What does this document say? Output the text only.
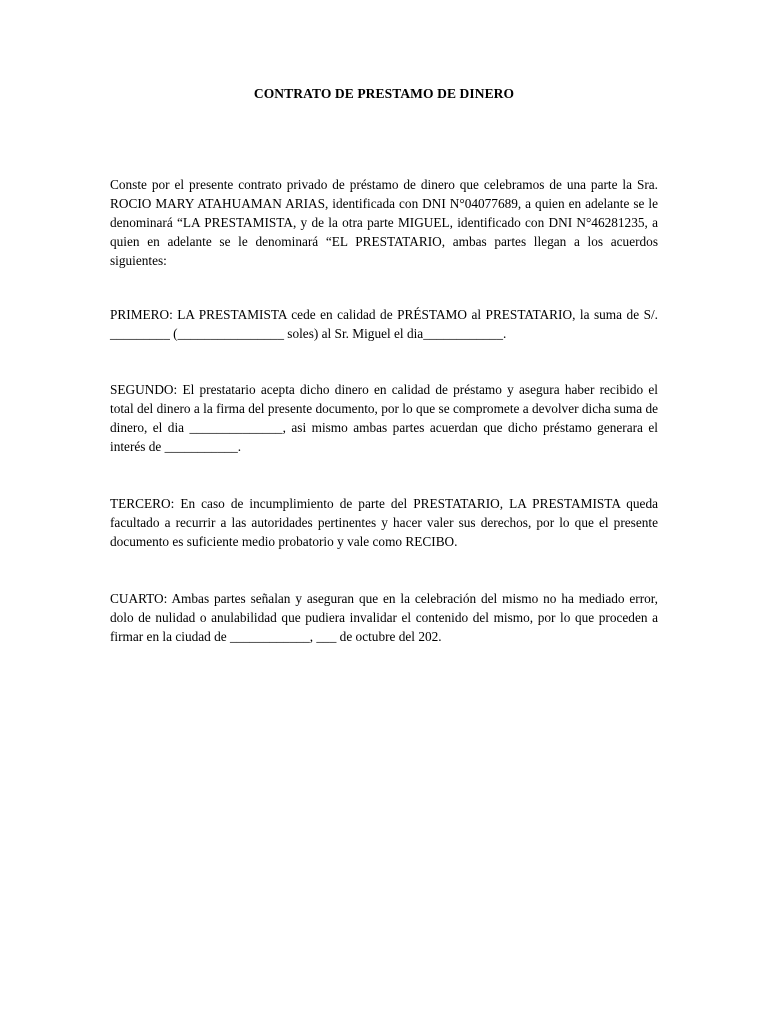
CONTRATO DE PRESTAMO DE DINERO

Conste por el presente contrato privado de préstamo de dinero que celebramos de una parte la Sra. ROCIO MARY ATAHUAMAN ARIAS, identificada con DNI N°04077689, a quien en adelante se le denominará “LA PRESTAMISTA, y de la otra parte MIGUEL, identificado con DNI N°46281235, a quien en adelante se le denominará “EL PRESTATARIO, ambas partes llegan a los acuerdos siguientes:

PRIMERO: LA PRESTAMISTA cede en calidad de PRÉSTAMO al PRESTATARIO, la suma de S/. _________ (________________ soles) al Sr. Miguel el dia____________.

SEGUNDO: El prestatario acepta dicho dinero en calidad de préstamo y asegura haber recibido el total del dinero a la firma del presente documento, por lo que se compromete a devolver dicha suma de dinero, el dia ______________, asi mismo ambas partes acuerdan que dicho préstamo generara el interés de ___________.

TERCERO: En caso de incumplimiento de parte del PRESTATARIO, LA PRESTAMISTA queda facultado a recurrir a las autoridades pertinentes y hacer valer sus derechos, por lo que el presente documento es suficiente medio probatorio y vale como RECIBO.

CUARTO: Ambas partes señalan y aseguran que en la celebración del mismo no ha mediado error, dolo de nulidad o anulabilidad que pudiera invalidar el contenido del mismo, por lo que proceden a firmar en la ciudad de ____________, ___ de octubre del 202.
